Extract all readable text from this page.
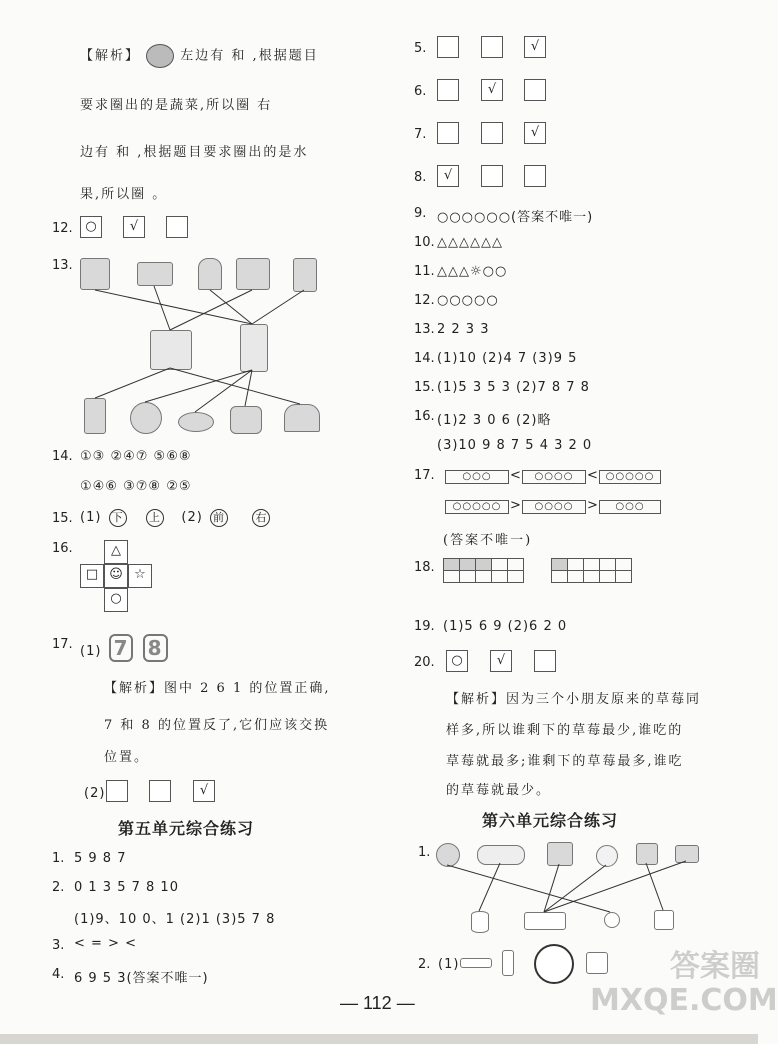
【解析】	左边有 和 ,根据题目
要求圈出的是蔬菜,所以圈 右
边有 和 ,根据题目要求圈出的是水
果,所以圈 。
12. ○	√
13.
14. ①③ ②④⑦ ⑤⑥⑧
①④⑥ ③⑦⑧ ②⑤
15. (1) 下 上 (2) 前	右
16.	△
□ ☺ ☆
○
17. (1) 7 8
【解析】图中 2 6 1 的位置正确,
7 和 8 的位置反了,它们应该交换
位置。
(2)	√
第五单元综合练习
1. 5 9 8 7
2. 0 1 3 5 7 8 10
(1)9、10 0、1 (2)1 (3)5 7 8
3. < = > <
4. 6 9 5 3(答案不唯一)
5.	√
6.	√
7.	√
8.	√
9. ○○○○○○(答案不唯一)
10. △△△△△△
11. △△△☼○○
12. ○○○○○
13. 2 2 3 3
14. (1)10 (2)4 7 (3)9 5
15. (1)5 3 5 3 (2)7 8 7 8
16. (1)2 3 0 6 (2)略
(3)10 9 8 7 5 4 3 2 0
17.	○○○	<	○○○○	< ○○○○○
○○○○○ >	○○○○	>	○○○
(答案不唯一)
18.

19. (1)5 6 9 (2)6 2 0
20.	○	√
【解析】因为三个小朋友原来的草莓同
样多,所以谁剩下的草莓最少,谁吃的
草莓就最多;谁剩下的草莓最多,谁吃
的草莓就最少。
第六单元综合练习
1.
2. (1)
— 112 —
答案圈 MXQE.COM
